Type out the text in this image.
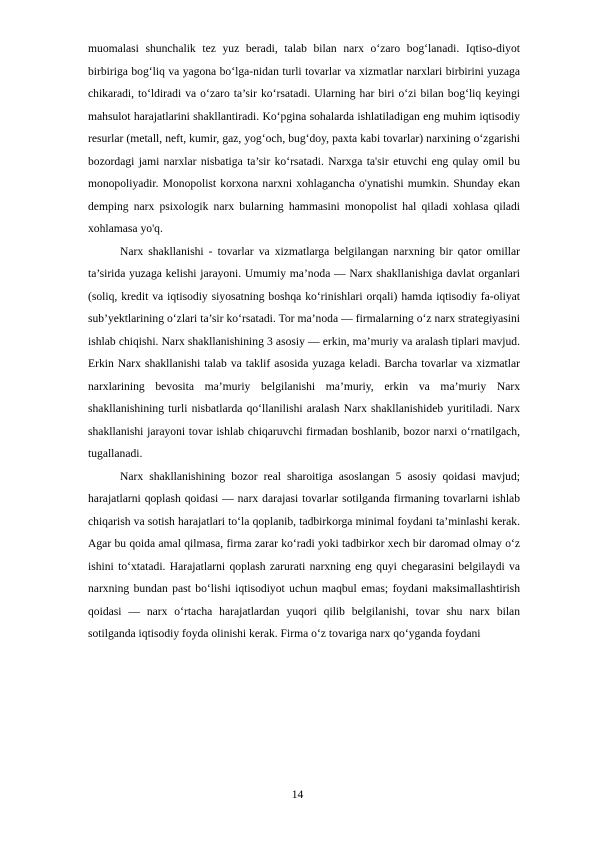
muomalasi shunchalik tez yuz beradi, talab bilan narx o‘zaro bog‘lanadi. Iqtiso-diyot birbiriga bog‘liq va yagona bo‘lga-nidan turli tovarlar va xizmatlar narxlari birbirini yuzaga chikaradi, to‘ldiradi va o‘zaro ta’sir ko‘rsatadi. Ularning har biri o‘zi bilan bog‘liq keyingi mahsulot harajatlarini shakllantiradi. Ko‘pgina sohalarda ishlatiladigan eng muhim iqtisodiy resurlar (metall, neft, kumir, gaz, yog‘och, bug‘doy, paxta kabi tovarlar) narxining o‘zgarishi bozordagi jami narxlar nisbatiga ta’sir ko‘rsatadi. Narxga ta'sir etuvchi eng qulay omil bu monopoliyadir. Monopolist korxona narxni xohlagancha o'ynatishi mumkin. Shunday ekan demping narx psixologik narx bularning hammasini monopolist hal qiladi xohlasa qiladi xohlamasa yo'q.

Narx shakllanishi - tovarlar va xizmatlarga belgilangan narxning bir qator omillar ta’sirida yuzaga kelishi jarayoni. Umumiy ma’noda — Narx shakllanishiga davlat organlari (soliq, kredit va iqtisodiy siyosatning boshqa ko‘rinishlari orqali) hamda iqtisodiy fa-oliyat sub’yektlarining o‘zlari ta’sir ko‘rsatadi. Tor ma’noda — firmalarning o‘z narx strategiyasini ishlab chiqishi. Narx shakllanishining 3 asosiy — erkin, ma’muriy va aralash tiplari mavjud. Erkin Narx shakllanishi talab va taklif asosida yuzaga keladi. Barcha tovarlar va xizmatlar narxlarining bevosita ma’muriy belgilanishi ma’muriy, erkin va ma’muriy Narx shakllanishining turli nisbatlarda qo‘llanilishi aralash Narx shakllanishideb yuritiladi. Narx shakllanishi jarayoni tovar ishlab chiqaruvchi firmadan boshlanib, bozor narxi o‘rnatilgach, tugallanadi.

Narx shakllanishining bozor real sharoitiga asoslangan 5 asosiy qoidasi mavjud; harajatlarni qoplash qoidasi — narx darajasi tovarlar sotilganda firmaning tovarlarni ishlab chiqarish va sotish harajatlari to‘la qoplanib, tadbirkorga minimal foydani ta’minlashi kerak. Agar bu qoida amal qilmasa, firma zarar ko‘radi yoki tadbirkor xech bir daromad olmay o‘z ishini to‘xtatadi. Harajatlarni qoplash zarurati narxning eng quyi chegarasini belgilaydi va narxning bundan past bo‘lishi iqtisodiyot uchun maqbul emas; foydani maksimallashtirish qoidasi — narx o‘rtacha harajatlardan yuqori qilib belgilanishi, tovar shu narx bilan sotilganda iqtisodiy foyda olinishi kerak. Firma o‘z tovariga narx qo‘yganda foydani

14
